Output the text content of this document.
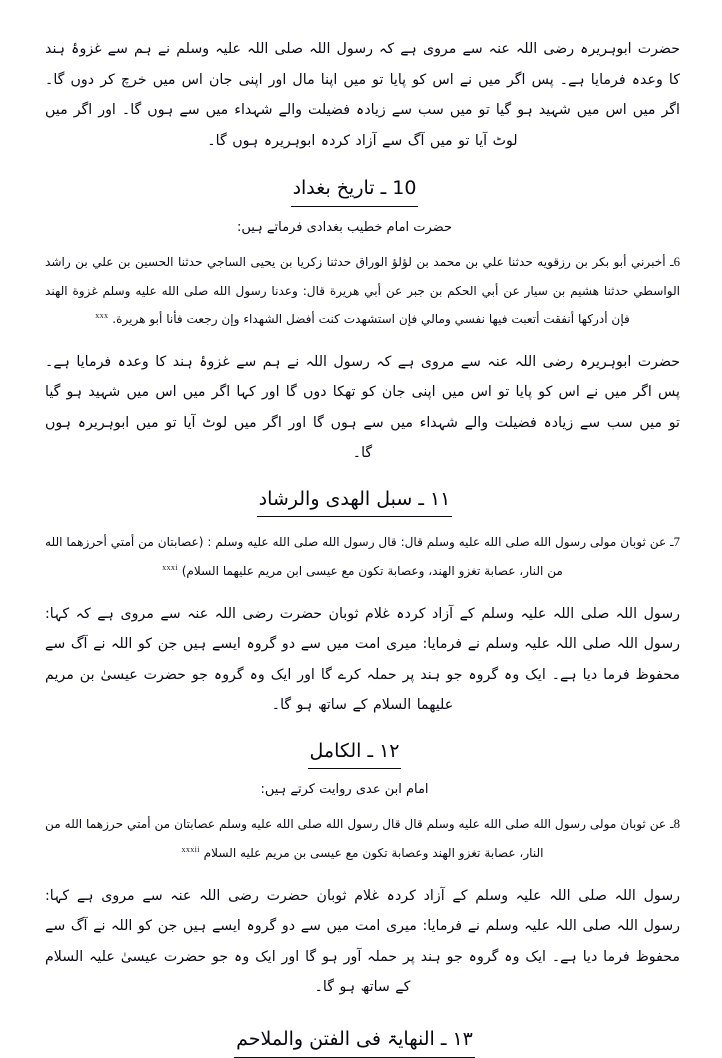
حضرت ابوہریرہ رضی اللہ عنہ سے مروی ہے کہ رسول اللہ صلی اللہ علیہ وسلم نے ہم سے غزوۂ ہند کا وعدہ فرمایا ہے۔ پس اگر میں نے اس کو پایا تو میں اپنا مال اور اپنی جان اس میں خرچ کر دوں گا۔ اگر میں اس میں شہید ہو گیا تو میں سب سے زیادہ فضیلت والے شہداء میں سے ہوں گا۔ اور اگر میں لوٹ آیا تو میں آگ سے آزاد کردہ ابوہریرہ ہوں گا۔

10 ـ تاریخ بغداد

حضرت امام خطیب بغدادی فرماتے ہیں:

6ـ أخبرني أبو بكر بن رزقويه حدثنا علي بن محمد بن لؤلؤ الوراق حدثنا زكريا بن يحيى الساجي حدثنا الحسين بن علي بن راشد الواسطي حدثنا هشيم بن سيار عن أبي الحكم بن جبر عن أبي هريرة قال: وعدنا رسول الله صلى الله عليه وسلم غزوة الهند فإن أدركها أنفقت أتعبت فيها نفسي ومالي فإن استشهدت كنت أفضل الشهداء وإن رجعت فأنا أبو هريرة. $^{xxx}$

حضرت ابوہریرہ رضی اللہ عنہ سے مروی ہے کہ رسول اللہ نے ہم سے غزوۂ ہند کا وعدہ فرمایا ہے۔ پس اگر میں نے اس کو پایا تو اس میں اپنی جان کو تھکا دوں گا اور کہا اگر میں اس میں شہید ہو گیا تو میں سب سے زیادہ فضیلت والے شہداء میں سے ہوں گا اور اگر میں لوٹ آیا تو میں ابوہریرہ ہوں گا۔

۱۱ ـ سبل الھدی والرشاد

7ـ عن ثوبان مولى رسول الله صلى الله عليه وسلم قال: قال رسول الله صلى الله عليه وسلم : (عصابتان من أمتي أحرزهما الله من النار، عصابة تغزو الهند، وعصابة تكون مع عيسى ابن مريم عليهما السلام) $^{xxxi}$

رسول اللہ صلی اللہ علیہ وسلم کے آزاد کردہ غلام ثوبان حضرت رضی اللہ عنہ سے مروی ہے کہ کہا: رسول اللہ صلی اللہ علیہ وسلم نے فرمایا: میری امت میں سے دو گروہ ایسے ہیں جن کو اللہ نے آگ سے محفوظ فرما دیا ہے۔ ایک وہ گروہ جو ہند پر حملہ کرے گا اور ایک وہ گروہ جو حضرت عیسیٰ بن مریم علیھما السلام کے ساتھ ہو گا۔

۱۲ ـ الکامل

امام ابن عدی روایت کرتے ہیں:

8ـ عن ثوبان مولى رسول الله صلى الله عليه وسلم قال قال رسول الله صلى الله عليه وسلم عصابتان من أمتي حرزهما الله من النار، عصابة تغزو الهند وعصابة تكون مع عيسى بن مريم عليه السلام $^{xxxii}$

رسول اللہ صلی اللہ علیہ وسلم کے آزاد کردہ غلام ثوبان حضرت رضی اللہ عنہ سے مروی ہے کہا: رسول اللہ صلی اللہ علیہ وسلم نے فرمایا: میری امت میں سے دو گروہ ایسے ہیں جن کو اللہ نے آگ سے محفوظ فرما دیا ہے۔ ایک وہ گروہ جو ہند پر حملہ آور ہو گا اور ایک وہ جو حضرت عیسیٰ علیہ السلام کے ساتھ ہو گا۔

۱۳ ـ النھایۃ فی الفتن والملاحم
